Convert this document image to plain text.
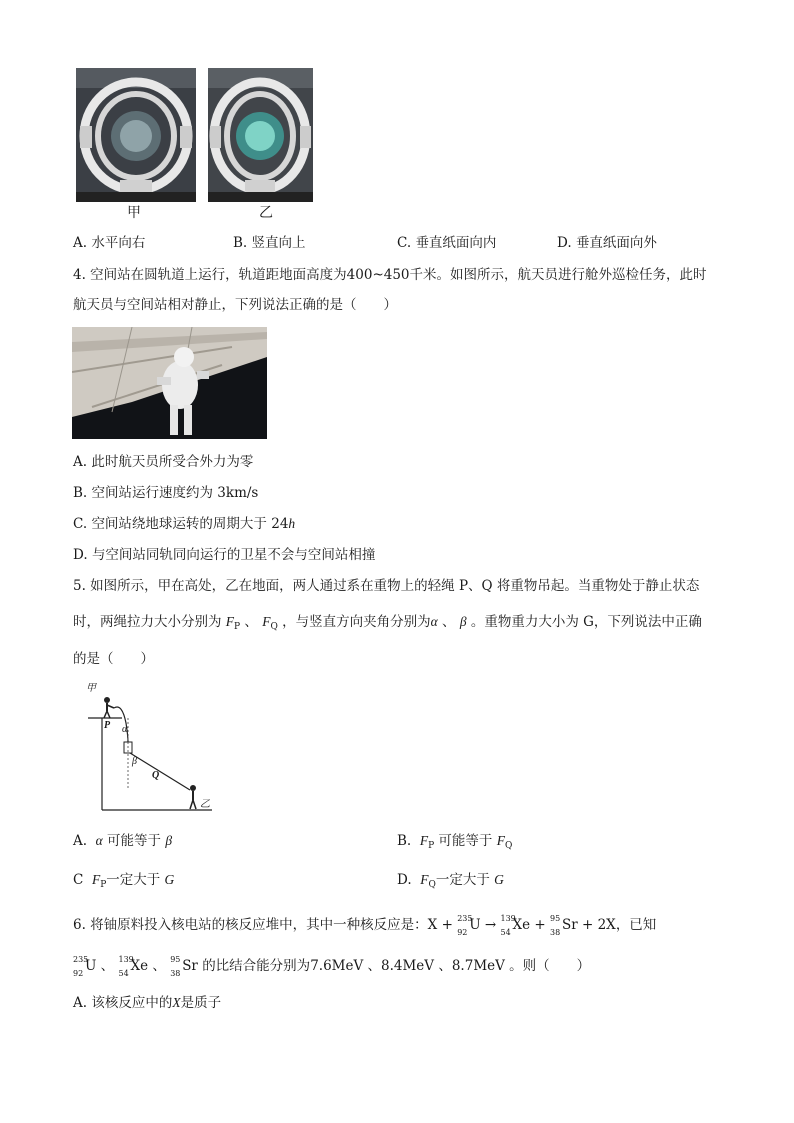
甲	乙
A. 水平向右	B. 竖直向上	C. 垂直纸面向内	D. 垂直纸面向外
4. 空间站在圆轨道上运行，轨道距地面高度为400~450千米。如图所示，航天员进行舱外巡检任务，此时
航天员与空间站相对静止，下列说法正确的是（　　）
A. 此时航天员所受合外力为零
B. 空间站运行速度约为 3km/s
C. 空间站绕地球运转的周期大于 24h
D. 与空间站同轨同向运行的卫星不会与空间站相撞
5. 如图所示，甲在高处，乙在地面，两人通过系在重物上的轻绳 P、Q 将重物吊起。当重物处于静止状态
时，两绳拉力大小分别为 $F_P$ 、 $F_Q$ ，与竖直方向夹角分别为α 、 β 。重物重力大小为 G，下列说法中正确
的是（　　）
甲
P α
β
Q
乙
A. α 可能等于 β	B. $F_P$ 可能等于 $F_Q$
C $F_P$一定大于 G	D. $F_Q$一定大于 G
6. 将铀原料投入核电站的核反应堆中，其中一种核反应是：X + 235
92 U → 139
54 Xe + 95
38 Sr + 2X，已知
235
92 U 、 139
54 Xe 、 95
38 Sr 的比结合能分别为7.6MeV 、8.4MeV 、8.7MeV 。则（　　）
A. 该核反应中的X是质子
